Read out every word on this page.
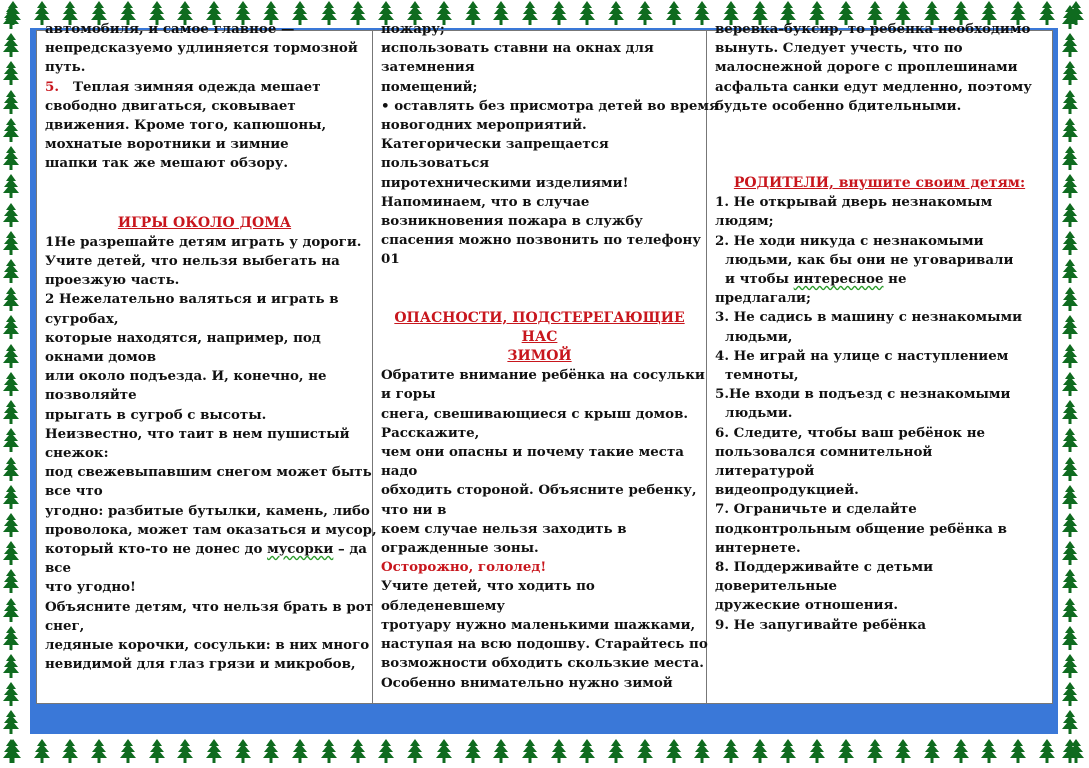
автомобиля, и самое главное —
непредсказуемо удлиняется тормозной
путь.
5. Теплая зимняя одежда мешает
свободно двигаться, сковывает
движения. Кроме того, капюшоны,
мохнатые воротники и зимние
шапки так же мешают обзору.
ИГРЫ ОКОЛО ДОМА
1Не разрешайте детям играть у дороги.
Учите детей, что нельзя выбегать на
проезжую часть.
2 Нежелательно валяться и играть в
сугробах,
которые находятся, например, под
окнами домов
или около подъезда. И, конечно, не
позволяйте
прыгать в сугроб с высоты.
Неизвестно, что таит в нем пушистый
снежок:
под свежевыпавшим снегом может быть
все что
угодно: разбитые бутылки, камень, либо
проволока, может там оказаться и мусор,
который кто-то не донес до мусорки – да
все
что угодно!
Объясните детям, что нельзя брать в рот
снег,
ледяные корочки, сосульки: в них много
невидимой для глаз грязи и микробов,
пожару;
использовать ставни на окнах для
затемнения
помещений;
• оставлять без присмотра детей во время
новогодних мероприятий.
Категорически запрещается
пользоваться
пиротехническими изделиями!
Напоминаем, что в случае
возникновения пожара в службу
спасения можно позвонить по телефону
01
ОПАСНОСТИ, ПОДСТЕРЕГАЮЩИЕ
НАС
ЗИМОЙ
Обратите внимание ребёнка на сосульки
и горы
снега, свешивающиеся с крыш домов.
Расскажите,
чем они опасны и почему такие места
надо
обходить стороной. Объясните ребенку,
что ни в
коем случае нельзя заходить в
огражденные зоны.
Осторожно, гололед!
Учите детей, что ходить по
обледеневшему
тротуару нужно маленькими шажками,
наступая на всю подошву. Старайтесь по
возможности обходить скользкие места.
Особенно внимательно нужно зимой
веревка-буксир, то ребенка необходимо
вынуть. Следует учесть, что по
малоснежной дороге с проплешинами
асфальта санки едут медленно, поэтому
будьте особенно бдительными.
РОДИТЕЛИ, внушите своим детям:
1. Не открывай дверь незнакомым
людям;
2. Не ходи никуда с незнакомыми
людьми, как бы они не уговаривали
и чтобы интересное не
предлагали;
3. Не садись в машину с незнакомыми
людьми,
4. Не играй на улице с наступлением
темноты,
5.Не входи в подъезд с незнакомыми
людьми.
6. Следите, чтобы ваш ребёнок не
пользовался сомнительной
литературой
видеопродукцией.
7. Ограничьте и сделайте
подконтрольным общение ребёнка в
интернете.
8. Поддерживайте с детьми
доверительные
дружеские отношения.
9. Не запугивайте ребёнка
